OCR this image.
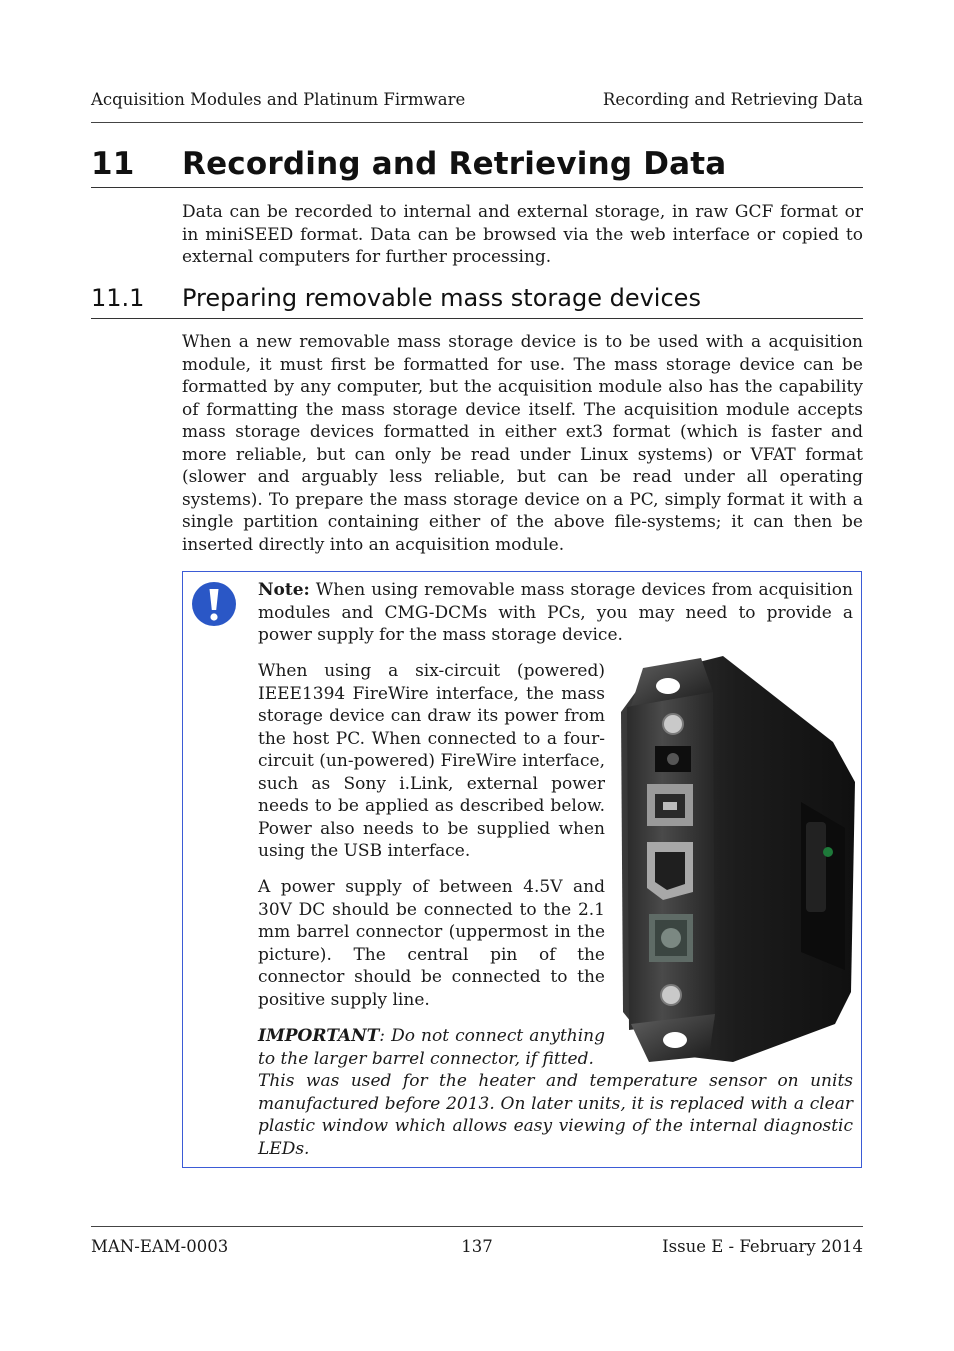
Acquisition Modules and Platinum Firmware	Recording and Retrieving Data
11 Recording and Retrieving Data
Data can be recorded to internal and external storage, in raw GCF format or in miniSEED format. Data can be browsed via the web interface or copied to external computers for further processing.
11.1 Preparing removable mass storage devices
When a new removable mass storage device is to be used with a acquisition module, it must first be formatted for use. The mass storage device can be formatted by any computer, but the acquisition module also has the capability of formatting the mass storage device itself. The acquisition module accepts mass storage devices formatted in either ext3 format (which is faster and more reliable, but can only be read under Linux systems) or VFAT format (slower and arguably less reliable, but can be read under all operating systems). To prepare the mass storage device on a PC, simply format it with a single partition containing either of the above file-systems; it can then be inserted directly into an acquisition module.
Note: When using removable mass storage devices from acquisition modules and CMG-DCMs with PCs, you may need to provide a power supply for the mass storage device.
When using a six-circuit (powered) IEEE1394 FireWire interface, the mass storage device can draw its power from the host PC. When connected to a four-circuit (un-powered) FireWire interface, such as Sony i.Link, external power needs to be applied as described below. Power also needs to be supplied when using the USB interface.
A power supply of between 4.5V and 30V DC should be connected to the 2.1 mm barrel connector (uppermost in the picture). The central pin of the connector should be connected to the positive supply line.
IMPORTANT: Do not connect anything to the larger barrel connector, if fitted.
This was used for the heater and temperature sensor on units manufactured before 2013. On later units, it is replaced with a clear plastic window which allows easy viewing of the internal diagnostic LEDs.
MAN-EAM-0003	137	Issue E - February 2014
